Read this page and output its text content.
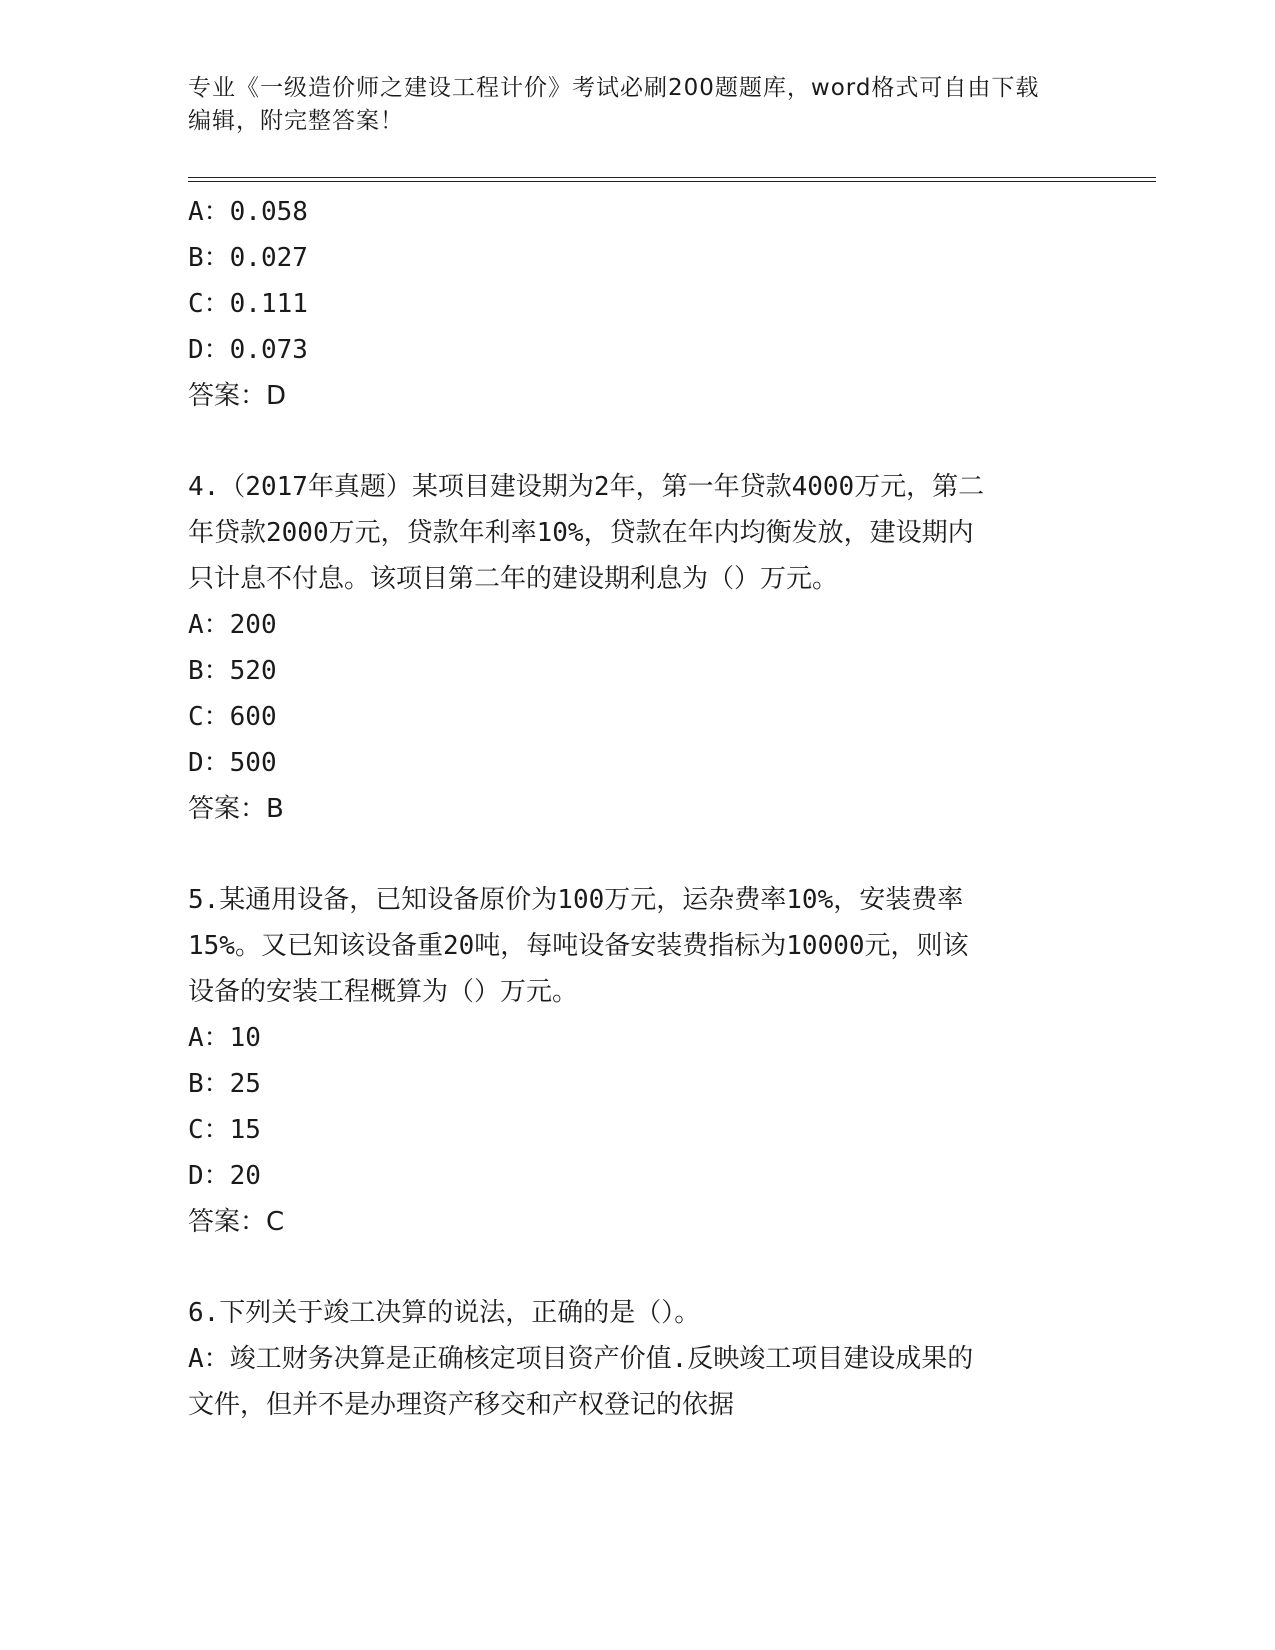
专业《一级造价师之建设工程计价》考试必刷200题题库，word格式可自由下载
编辑，附完整答案！
A：0.058
B：0.027
C：0.111
D：0.073
答案：D
4.（2017年真题）某项目建设期为2年，第一年贷款4000万元，第二
年贷款2000万元，贷款年利率10%，贷款在年内均衡发放，建设期内
只计息不付息。该项目第二年的建设期利息为（）万元。
A：200
B：520
C：600
D：500
答案：B
5.某通用设备，已知设备原价为100万元，运杂费率10%，安装费率
15%。又已知该设备重20吨，每吨设备安装费指标为10000元，则该
设备的安装工程概算为（）万元。
A：10
B：25
C：15
D：20
答案：C
6.下列关于竣工决算的说法，正确的是（）。
A：竣工财务决算是正确核定项目资产价值.反映竣工项目建设成果的
文件，但并不是办理资产移交和产权登记的依据
